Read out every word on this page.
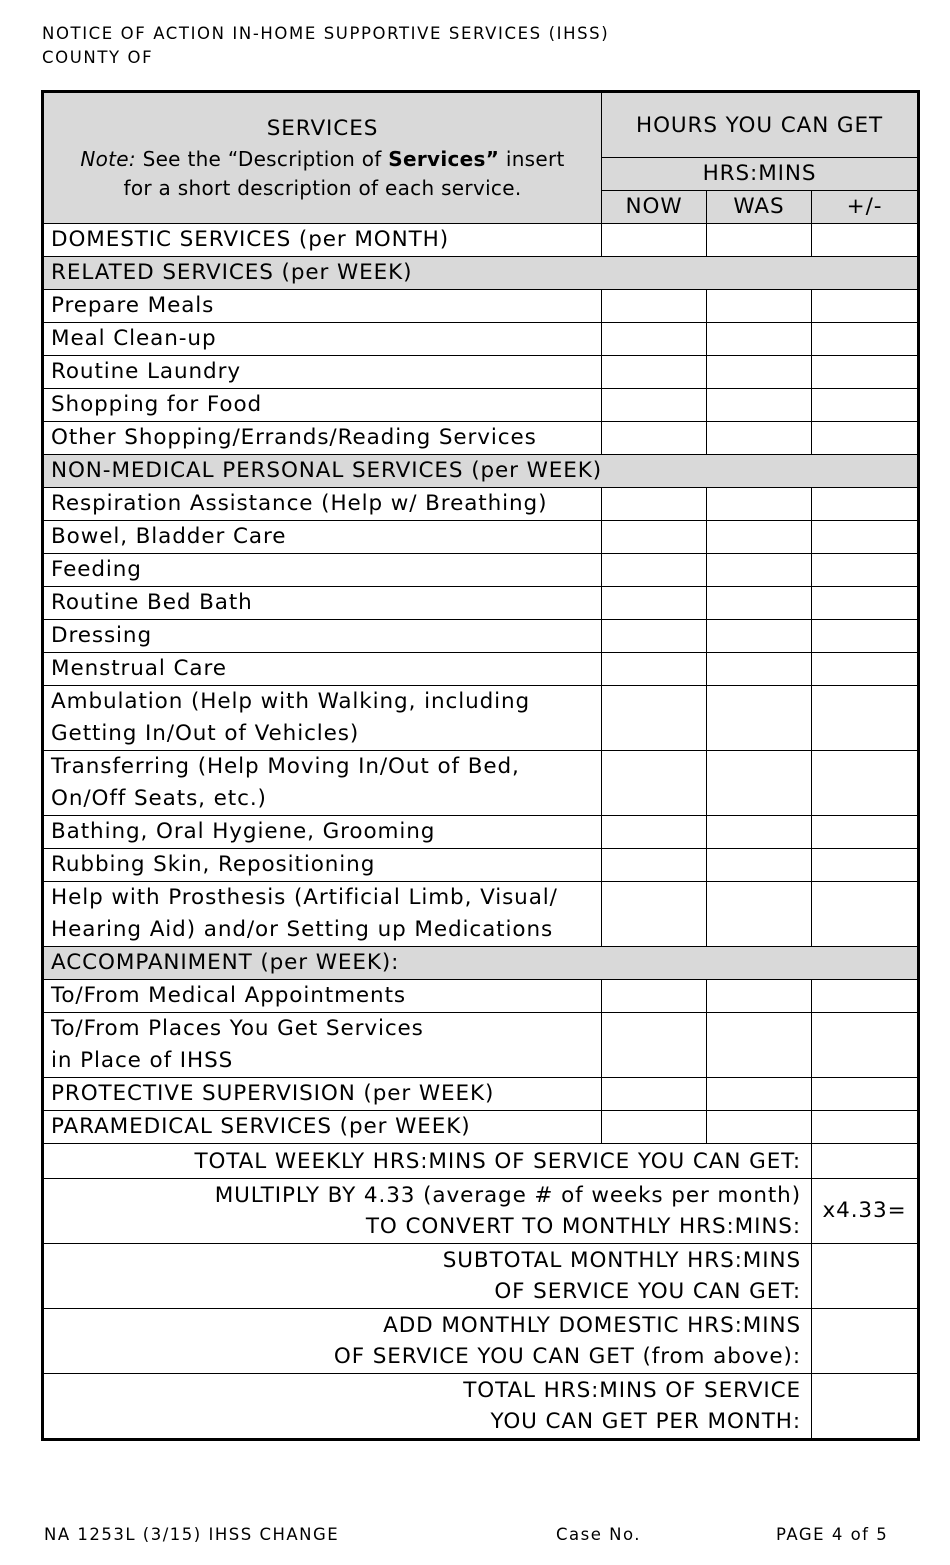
NOTICE OF ACTION IN-HOME SUPPORTIVE SERVICES (IHSS)
COUNTY OF
SERVICES
Note: See the “Description of Services” insert
for a short description of each service.	HOURS YOU CAN GET		
	HRS:MINS		
	NOW	WAS	+/-

DOMESTIC SERVICES (per MONTH)			

RELATED SERVICES (per WEEK)			

Prepare Meals			

Meal Clean-up			

Routine Laundry			

Shopping for Food			

Other Shopping/Errands/Reading Services			

NON-MEDICAL PERSONAL SERVICES (per WEEK)			

Respiration Assistance (Help w/ Breathing)			

Bowel, Bladder Care			

Feeding			

Routine Bed Bath			

Dressing			

Menstrual Care			

Ambulation (Help with Walking, including
Getting In/Out of Vehicles)			

Transferring (Help Moving In/Out of Bed,
On/Off Seats, etc.)			

Bathing, Oral Hygiene, Grooming			

Rubbing Skin, Repositioning			

Help with Prosthesis (Artificial Limb, Visual/
Hearing Aid) and/or Setting up Medications			

ACCOMPANIMENT (per WEEK):			

To/From Medical Appointments			

To/From Places You Get Services
in Place of IHSS			

PROTECTIVE SUPERVISION (per WEEK)			

PARAMEDICAL SERVICES (per WEEK)			

TOTAL WEEKLY HRS:MINS OF SERVICE YOU CAN GET:			

MULTIPLY BY 4.33 (average # of weeks per month)
TO CONVERT TO MONTHLY HRS:MINS:			x4.33=

SUBTOTAL MONTHLY HRS:MINS
OF SERVICE YOU CAN GET:			

ADD MONTHLY DOMESTIC HRS:MINS
OF SERVICE YOU CAN GET (from above):			

TOTAL HRS:MINS OF SERVICE
YOU CAN GET PER MONTH:			

NA 1253L (3/15) IHSS CHANGE	Case No.	PAGE 4 of 5
